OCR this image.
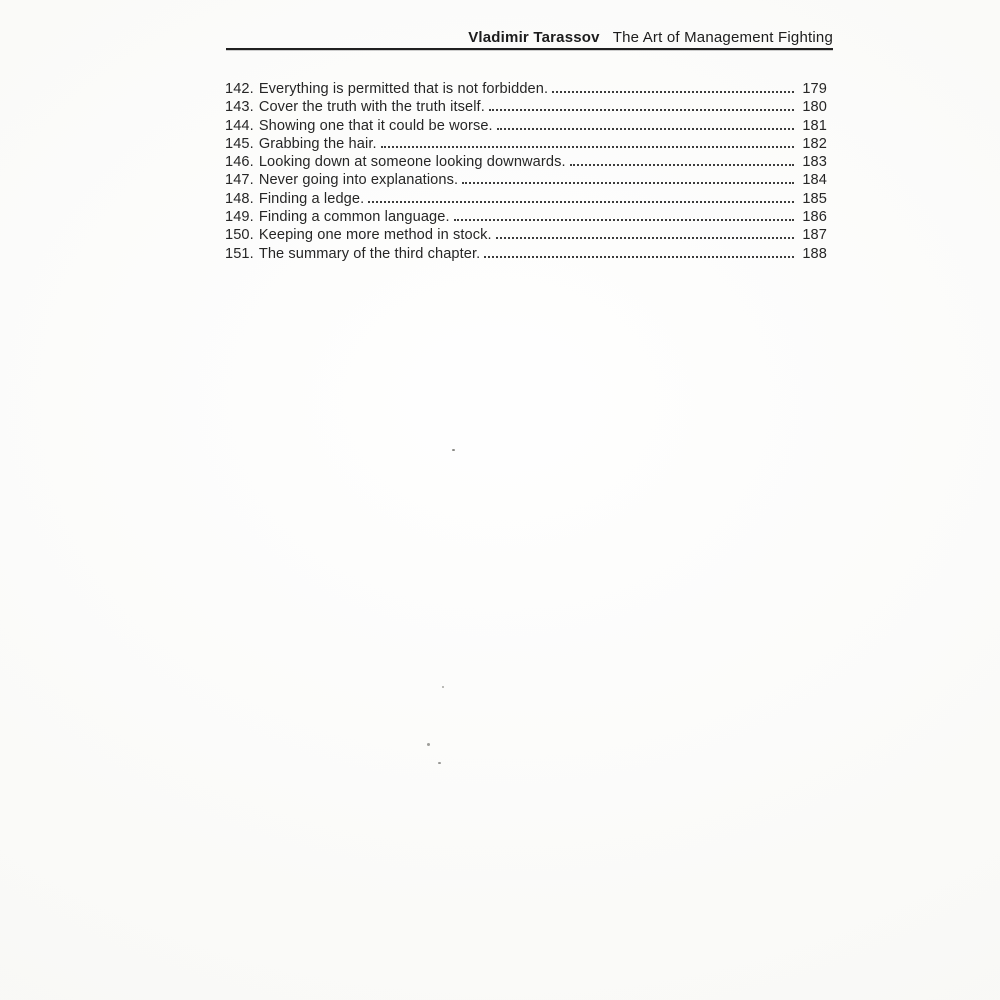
Vladimir Tarassov The Art of Management Fighting
142. Everything is permitted that is not forbidden.	179
143. Cover the truth with the truth itself.	180
144. Showing one that it could be worse.	181
145. Grabbing the hair.	182
146. Looking down at someone looking downwards.	183
147. Never going into explanations.	184
148. Finding a ledge.	185
149. Finding a common language.	186
150. Keeping one more method in stock.	187
151. The summary of the third chapter.	188
